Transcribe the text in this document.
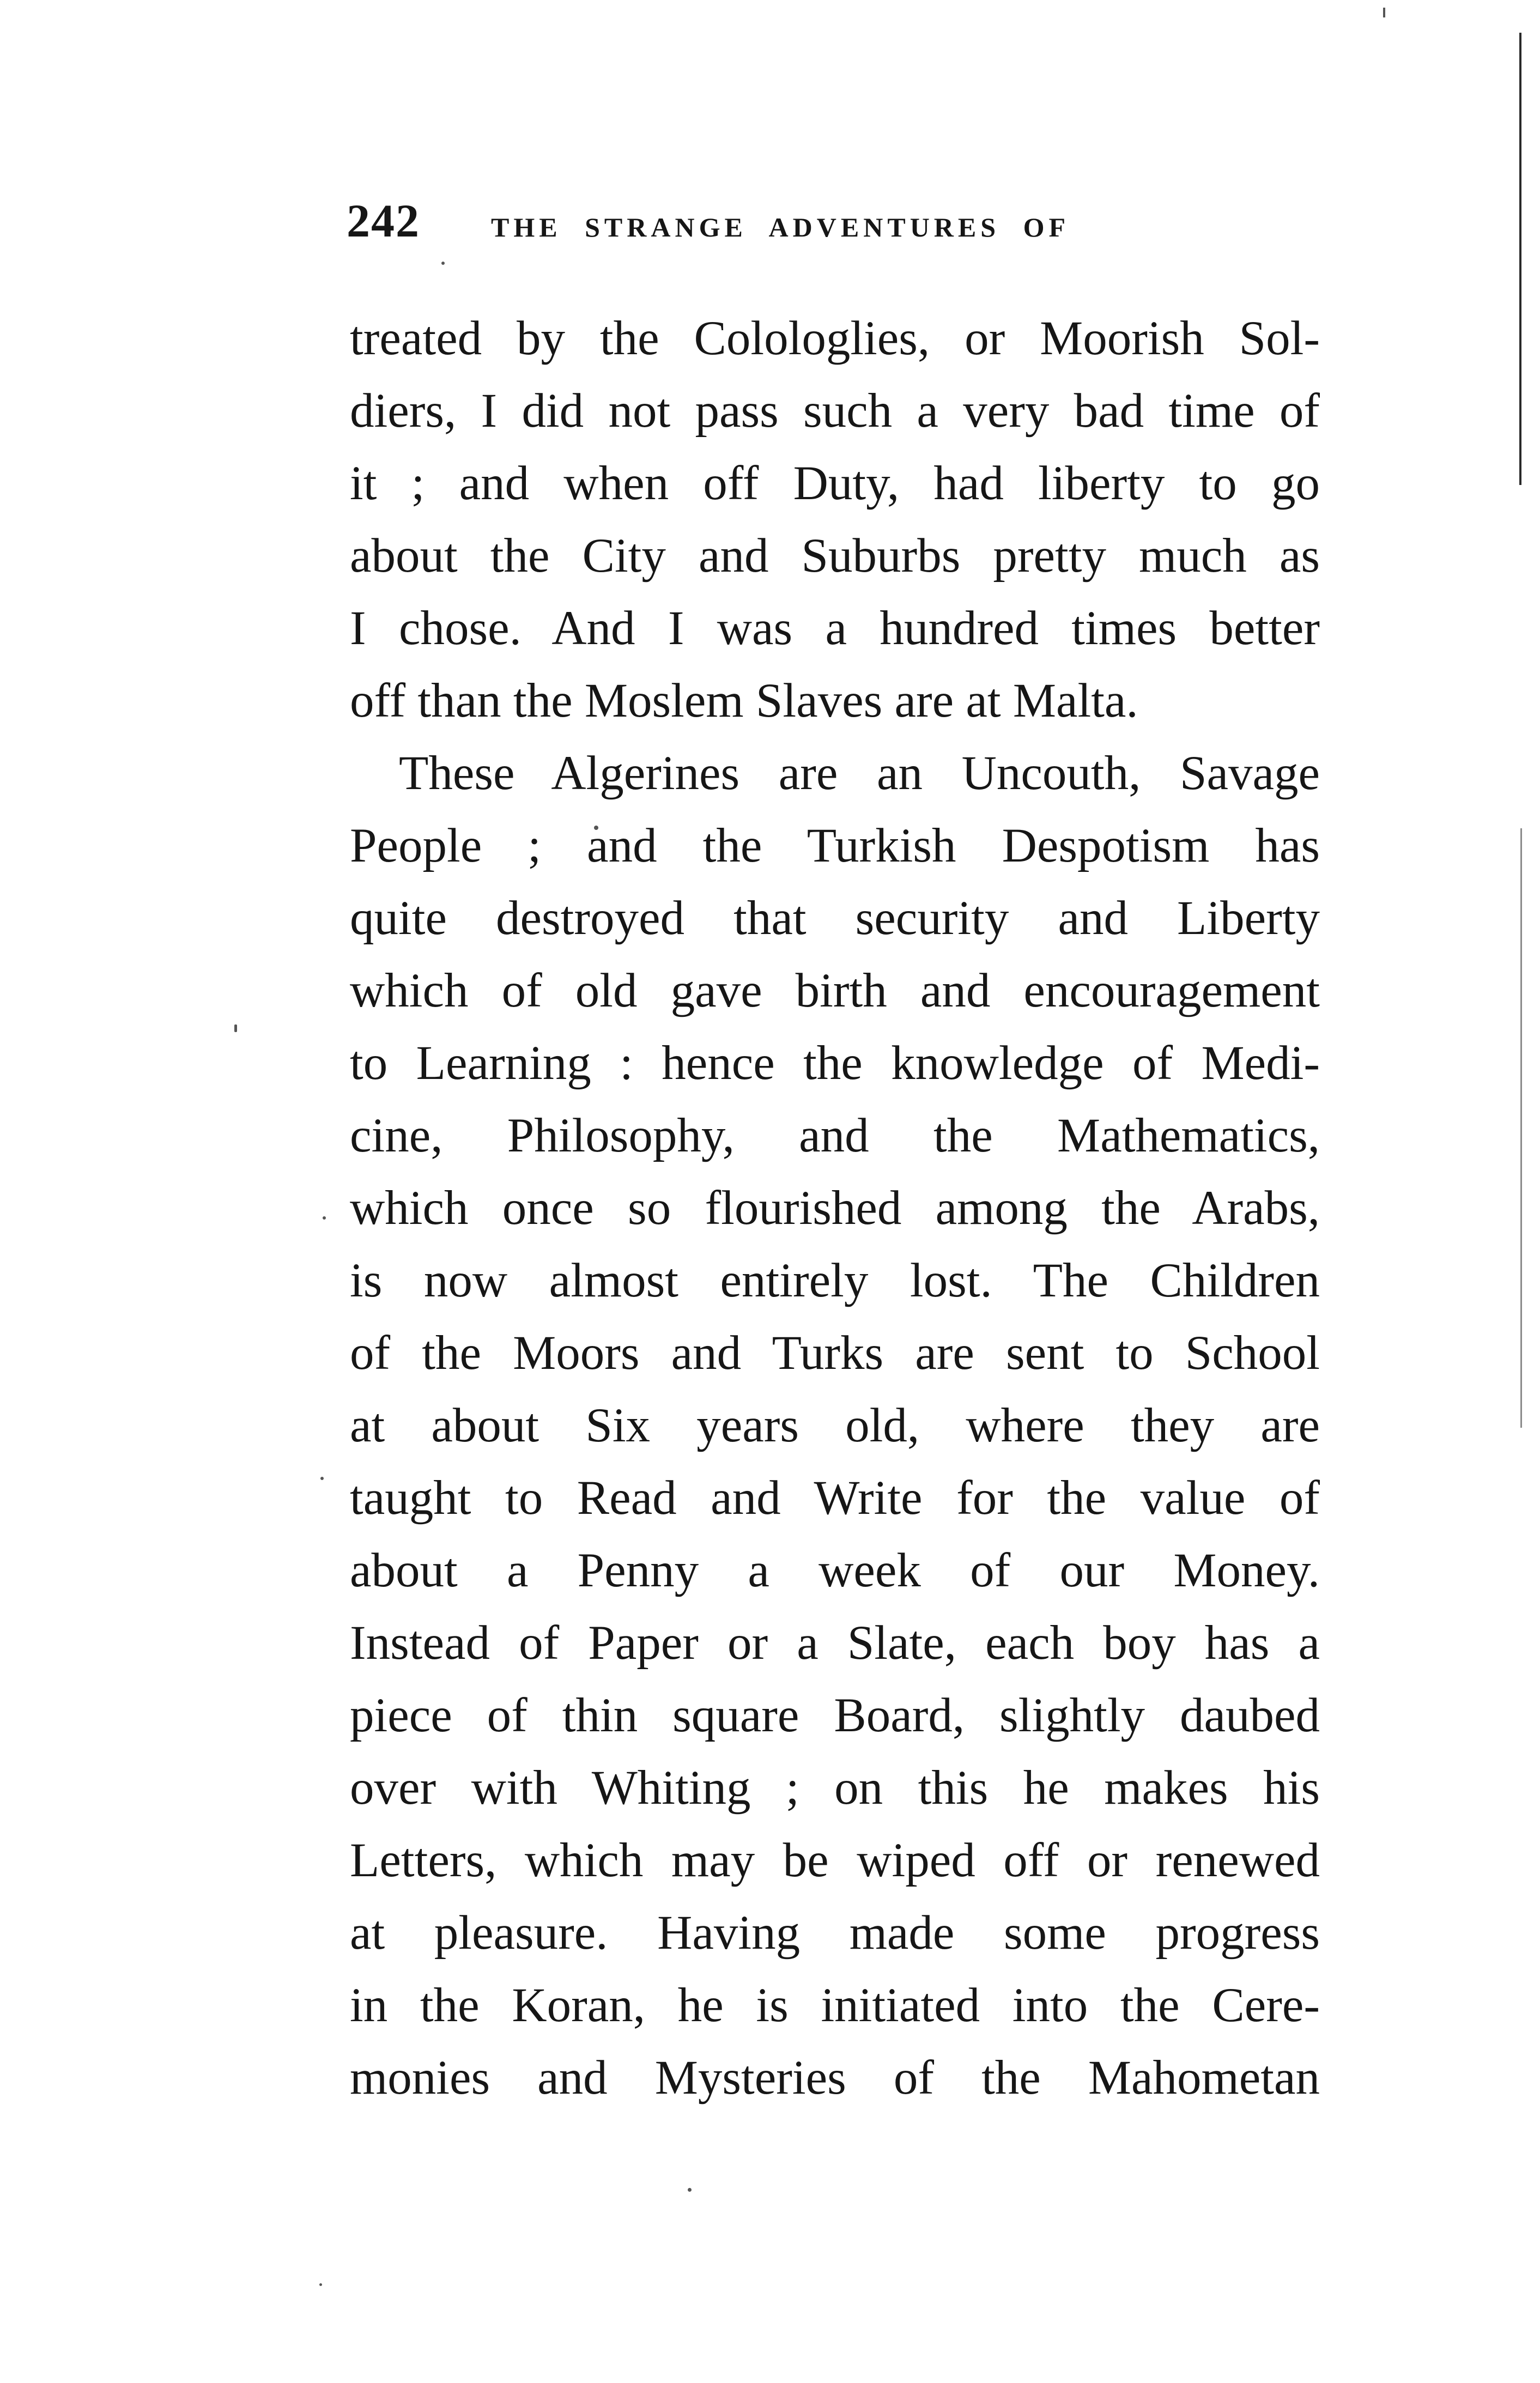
242	THE STRANGE ADVENTURES OF
treated by the Colologlies, or Moorish Sol-
diers, I did not pass such a very bad time of
it ; and when off Duty, had liberty to go
about the City and Suburbs pretty much as
I chose. And I was a hundred times better
off than the Moslem Slaves are at Malta.
These Algerines are an Uncouth, Savage
People ; and the Turkish Despotism has
quite destroyed that security and Liberty
which of old gave birth and encouragement
to Learning : hence the knowledge of Medi-
cine, Philosophy, and the Mathematics,
which once so flourished among the Arabs,
is now almost entirely lost. The Children
of the Moors and Turks are sent to School
at about Six years old, where they are
taught to Read and Write for the value of
about a Penny a week of our Money.
Instead of Paper or a Slate, each boy has a
piece of thin square Board, slightly daubed
over with Whiting ; on this he makes his
Letters, which may be wiped off or renewed
at pleasure. Having made some progress
in the Koran, he is initiated into the Cere-
monies and Mysteries of the Mahometan
